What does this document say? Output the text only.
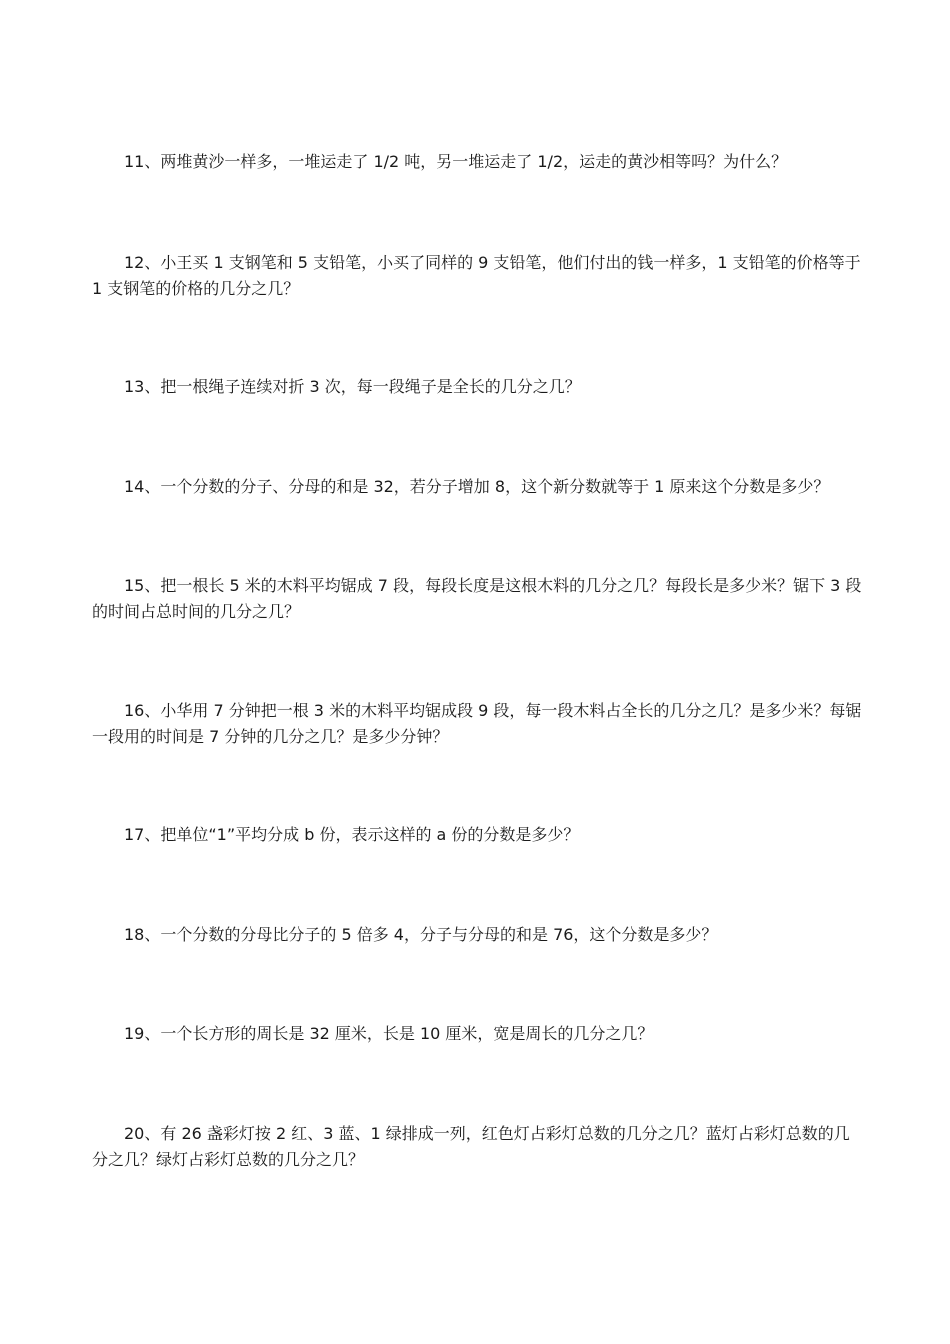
11、两堆黄沙一样多，一堆运走了 1/2 吨，另一堆运走了 1/2，运走的黄沙相等吗？为什么？

12、小王买 1 支钢笔和 5 支铅笔，小买了同样的 9 支铅笔，他们付出的钱一样多，1 支铅笔的价格等于 1 支钢笔的价格的几分之几？

13、把一根绳子连续对折 3 次，每一段绳子是全长的几分之几？

14、一个分数的分子、分母的和是 32，若分子增加 8，这个新分数就等于 1 原来这个分数是多少？

15、把一根长 5 米的木料平均锯成 7 段，每段长度是这根木料的几分之几？每段长是多少米？锯下 3 段的时间占总时间的几分之几？

16、小华用 7 分钟把一根 3 米的木料平均锯成段 9 段，每一段木料占全长的几分之几？是多少米？每锯一段用的时间是 7 分钟的几分之几？是多少分钟？

17、把单位“1”平均分成 b 份，表示这样的 a 份的分数是多少？

18、一个分数的分母比分子的 5 倍多 4，分子与分母的和是 76，这个分数是多少？

19、一个长方形的周长是 32 厘米，长是 10 厘米，宽是周长的几分之几？

20、有 26 盏彩灯按 2 红、3 蓝、1 绿排成一列，红色灯占彩灯总数的几分之几？蓝灯占彩灯总数的几分之几？绿灯占彩灯总数的几分之几？
